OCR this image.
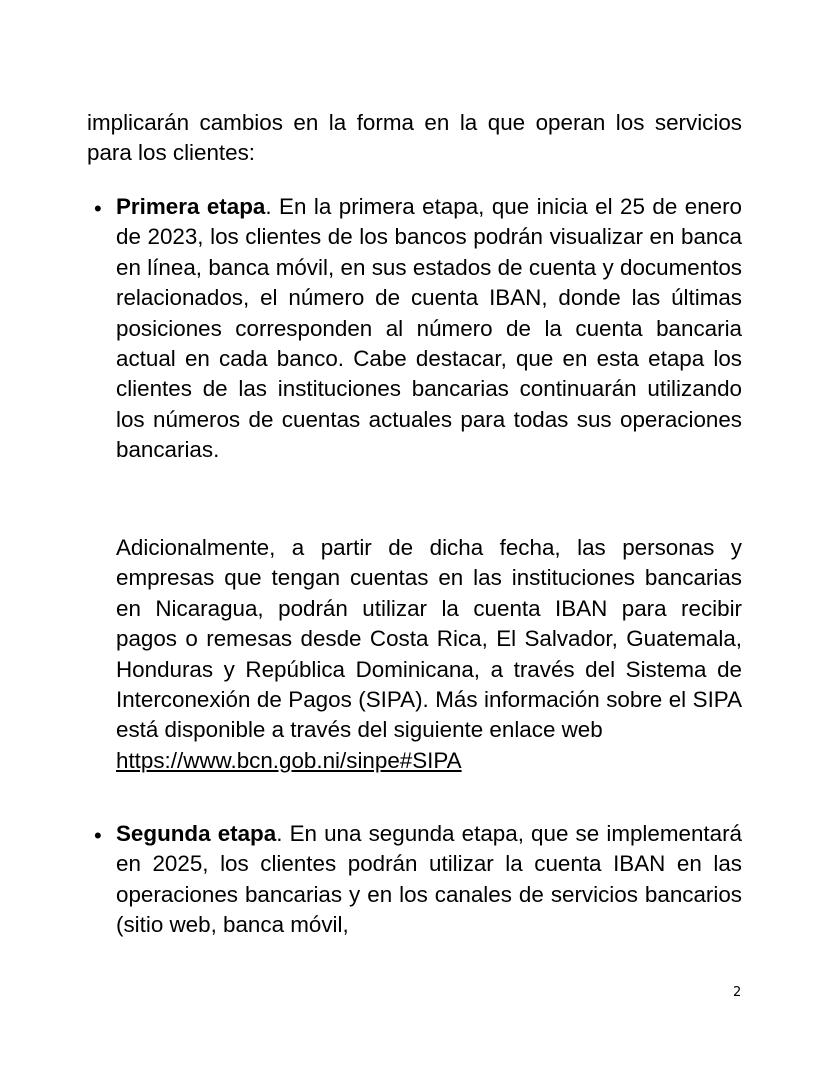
implicarán cambios en la forma en la que operan los servicios para los clientes:
• Primera etapa. En la primera etapa, que inicia el 25 de enero de 2023, los clientes de los bancos podrán visualizar en banca en línea, banca móvil, en sus estados de cuenta y documentos relacionados, el número de cuenta IBAN, donde las últimas posiciones corresponden al número de la cuenta bancaria actual en cada banco. Cabe destacar, que en esta etapa los clientes de las instituciones bancarias continuarán utilizando los números de cuentas actuales para todas sus operaciones bancarias.
Adicionalmente, a partir de dicha fecha, las personas y empresas que tengan cuentas en las instituciones bancarias en Nicaragua, podrán utilizar la cuenta IBAN para recibir pagos o remesas desde Costa Rica, El Salvador, Guatemala, Honduras y República Dominicana, a través del Sistema de Interconexión de Pagos (SIPA). Más información sobre el SIPA está disponible a través del siguiente enlace web
https://www.bcn.gob.ni/sinpe#SIPA
• Segunda etapa. En una segunda etapa, que se implementará en 2025, los clientes podrán utilizar la cuenta IBAN en las operaciones bancarias y en los canales de servicios bancarios (sitio web, banca móvil,
2
